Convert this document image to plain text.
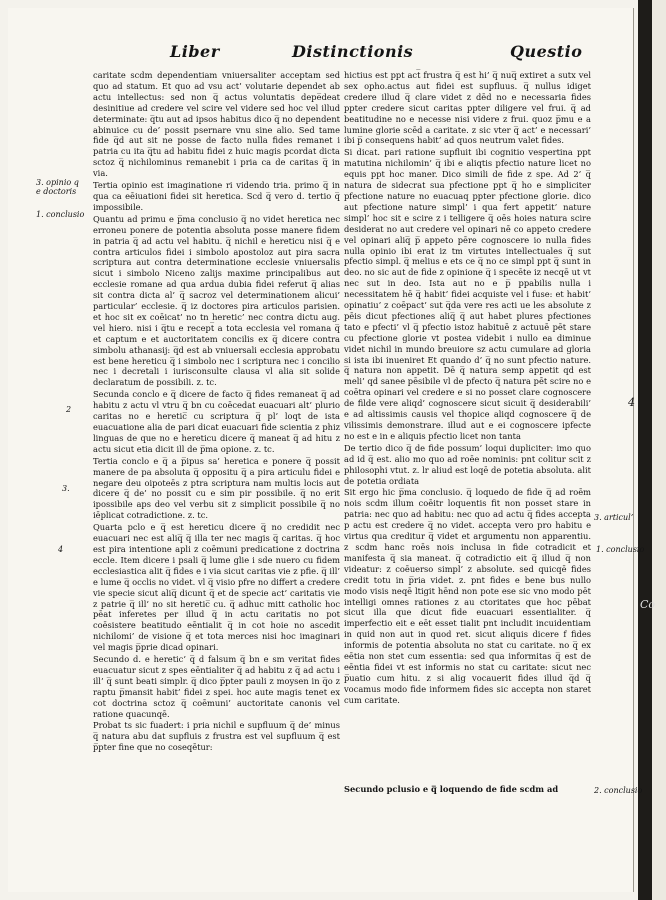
Liber	Distinctionis	Questio
3. opinio q
e doctoris
1. conclusio
2
3.
4
3. articul’
1. conclusio
4
Co

caritate scdm dependentiam vniuersaliter acceptam sed quo ad statum. Et quo ad vsu act’ volutarie dependet ab actu intellectus: sed non q̅ actus voluntatis depe̅deat desinitiue ad credere vel scire vel videre sed hoc vel illud determinate: q̅tu aut ad ipsos habitus dico q̅ no dependent abinuice cu de’ possit psernare vnu sine alio. Sed tame fide q̅d aut sit ne posse de facto nulla fides remanet i patria cu ita q̅tu ad habitu fidei z huic magis pcordat dicta sctoz q̅ nichilominus remanebit i pria ca de caritas q̅ in via.

Tertia opinio est imaginatione ri videndo tria. primo q̅ in qua ca eēiuationi fidei sit heretica. Scd q̅ vero d. tertio q̅ impossibile.

Quantu ad primu e p̅ma conclusio q̅ no videt heretica nec erroneu ponere de potentia absoluta posse manere fidem in patria q̅ ad actu vel habitu. q̅ nichil e hereticu nisi q̅ e contra articulos fidei i simbolo apostoloz aut pira sacra scriptura aut contra determinatione ecclesie vniuersalis sicut i simbolo Niceno zalijs maxime principalibus aut ecclesie romane ad qua ardua dubia fidei referut q̅ alias sit contra dicta al’ q̅ sacroz vel determinationem alicui’ particular’ ecclesie. q̅ iz doctores pira articulos parisien. et hoc sit ex coēicat’ no tn heretic’ nec contra dictu aug. vel hiero. nisi i q̅tu e recept̅ a tota ecclesia vel romana q̅ et captum e et auctoritatem concilis ex q̅ dicere contra simbolu athanasij: q̅d est ab vniuersali ecclesia approbatu est bene hereticu q̅ i simbolo nec i scriptura nec i concilio nec i decretali i iurisconsulte clausa vl alia sit solide declaratum de possibili. z. tc.

Secunda conclo e q̅ dicere de facto q̅ fides remaneat q̅ ad habitu z actu vl vtru q̅ bn cu coēcedat euacuari alt’ plurio caritas no e heretic̅ cu scriptura q̅ pl’ loqt de ista euacuatione alia de pari dicat euacuari fide scientia z phiz linguas de que no e hereticu dicere q̅ maneat q̅ ad hitu z actu sicut etia dicit ill de p̅ma opione. z. tc.

Tertia conclo e q̅ a p̅ipus sa’ heretica e ponere q̅ possit manere de pa absoluta q̅ oppositu q̅ a pira articulu fidei e negare deu oipoteēs z ptra scriptura nam multis locis aut dicere q̅ de’ no possit cu e sim pir possibile. q̅ no erit ipossibile aps deo vel verbu sit z simplicit possibile q̅ no iēplicat cotradictione. z. tc.

Quarta pclo e q̅ est hereticu dicere q̅ no credidit nec euacuari nec est aliq̅ q̅ illa ter nec magis q̅ caritas. q̅ hoc est pira intentione apli z coēmuni predicatione z doctrina eccle. Item dicere i psali q̅ lume glie i sde nuero cu fidem ecclesiastica alit q̅ fides e i via sicut caritas vie z pfie. q̅ ill’ e lume q̅ occlis no videt. vl q̅ visio pfre no differt a credere vie specie sicut aliq̅ dicunt q̅ et de specie act’ caritatis vie z patrie q̅ ill’ no sit heretic̅ cu. q̅ adhuc mitt catholic hoc pēat inferetes per illud q̅ in actu caritatis no pot coēsistere beatitudo eēntialit q̅ in cot hoie no ascedit nichilomi’ de visione q̅ et tota merces nisi hoc imaginari vel magis p̅prie dicad opinari.

Secundo d. e heretic’ q̅ d falsum q̅ bn e sm veritat fides euacuatur sicut z spes eēntialiter q̅ ad habitu z q̅ ad actu i ill’ q̅ sunt beati simplr. q̅ dico p̅pter pauli z moysen in q̅o z raptu p̅mansit habit’ fidei z spei. hoc aute magis tenet ex cot doctrina sctoz q̅ coēmuni’ auctoritate canonis vel ratione quacunqē.

Probat ts sic fuadert: i pria nichil e supfluum q̅ de’ minus q̅ natura abu dat supfluis z frustra est vel supfluum q̅ est p̅pter fine que no coseqētur:

hictius est ppt act̅ frustra q̅ est hi’ q̅ nuq̅ extiret a sutx vel sex opho.actus aut fidei est supfluus. q̅ nullus idiget credere illud q̅ clare videt z dēd no e necessaria fides ppter credere sicut caritas ppter diligere vel frui. q̅ ad beatitudine no e necesse nisi videre z frui. quoz p̅mu e a lumine glorie scēd a caritate. z sic vter q̅ act’ e necessari’ ibi p̅ consequens habit’ ad quos neutrum valet fides.

Si dicat. pari ratione supfluit ibi cognitio vespertina ppt matutina nichilomin’ q̅ ibi e aliqtis pfectio nature licet no equis ppt hoc maner. Dico simili de fide z spe. Ad 2’ q̅ natura de sidecrat sua pfectione ppt q̅ ho e simpliciter pfectione nature no euacuaq ppter pfectione glorie. dico aut pfectione nature simpl’ i qua fert appetit’ nature simpl’ hoc sit e scire z i telligere q̅ oēs hoies natura scire desiderat no aut credere vel opinari nē co appeto credere vel opinari aliq̅ p̅ appeto pēre cognoscere io nulla fides nulla opinio ibi erat iz tm virtutes intellectuales q̅ sut pfectio simpl. q̅ melius e ets ce q̅ no ce simpl ppt q̅ sunt in deo. no sic aut de fide z opinione q̅ i specēte iz necqē ut vt nec sut in deo. Ista aut no e p̅ ppabilis nulla i necessitatem hē q̅ habit’ fidei acquiste vel i fuse: et habit’ opinatiu’ z coēpact’ sut q̅da vere res acti ue les absolute z pēis dicut pfectiones aliq̅ q̅ aut habet plures pfectiones tato e pfecti’ vl q̅ pfectio istoz habituē z actuuē pēt stare cu pfectione glorie vt postea videbit i nullo ea diminue videt nichil in mundo breuiore sz actu cumulare ad gloria si ista ibi inueniret Et quando d’ q̅ no sunt pfectio nature. q̅ natura non appetit. Dē q̅ natura semp appetit qd est meli’ qd sanee pēsibile vl de pfecto q̅ natura pēt scire no e coētra opinari vel credere e si no posset clare cognoscere de filde vere aliqd’ cognoscere sicut sicuit q̅ desiderabili’ e ad altissimis causis vel thopice aliqd cognoscere q̅ de vilissimis demonstrare. illud aut e ei cognoscere ipfecte no est e in e aliquis pfectio licet non tanta

De tertio dico q̅ de fide possum’ loqui dupliciter: imo quo ad id q̅ est. alio mo quo ad roēe nominis: pnt colitur scit z philosophi vtut. z. lr aliud est loqē de potetia absoluta. alit de potetia ordiata

Sit ergo hic p̅ma conclusio. q̅ loquedo de fide q̅ ad roēm nois scdm illum coēitr loquentis fit non posset stare in patria: nec quo ad habitu: nec quo ad actu q̅ fides accepta p actu est credere q̅ no videt. accepta vero pro habitu e virtus qua creditur q̅ videt et argumentu non apparentiu. z scdm hanc roēs nois inclusa in fide cotradicit et manifesta q̅ sia maneat. q̅ cotradictio eit q̅ illud q̅ non videatur: z coēuerso simpl’ z absolute. sed quicqē fides credit totu in p̅ria videt. z. pnt fides e bene bus nullo modo visis neqē ltigit hēnd non pote ese sic vno modo pēt intelligi omnes rationes z au ctoritates que hoc pēbat sicut illa que dicut fide euacuari essentialiter. q̅ imperfectio eit e eēt esset tialit pnt includit incuidentiam in quid non aut in quod ret. sicut aliquis dicere f fides informis de potentia absoluta no stat cu caritate. no q̅ ex eētia non stet cum essentia: sed qua informitas q̅ est de eēntia fidei vt est informis no stat cu caritate: sicut nec p̅uatio cum hitu. z si alig vocauerit fides illud q̅d q̅ vocamus modo fide informem fides sic accepta non staret cum caritate.

Secundo pclusio e q̅ loquendo de fide scdm ad	2. conclusio
